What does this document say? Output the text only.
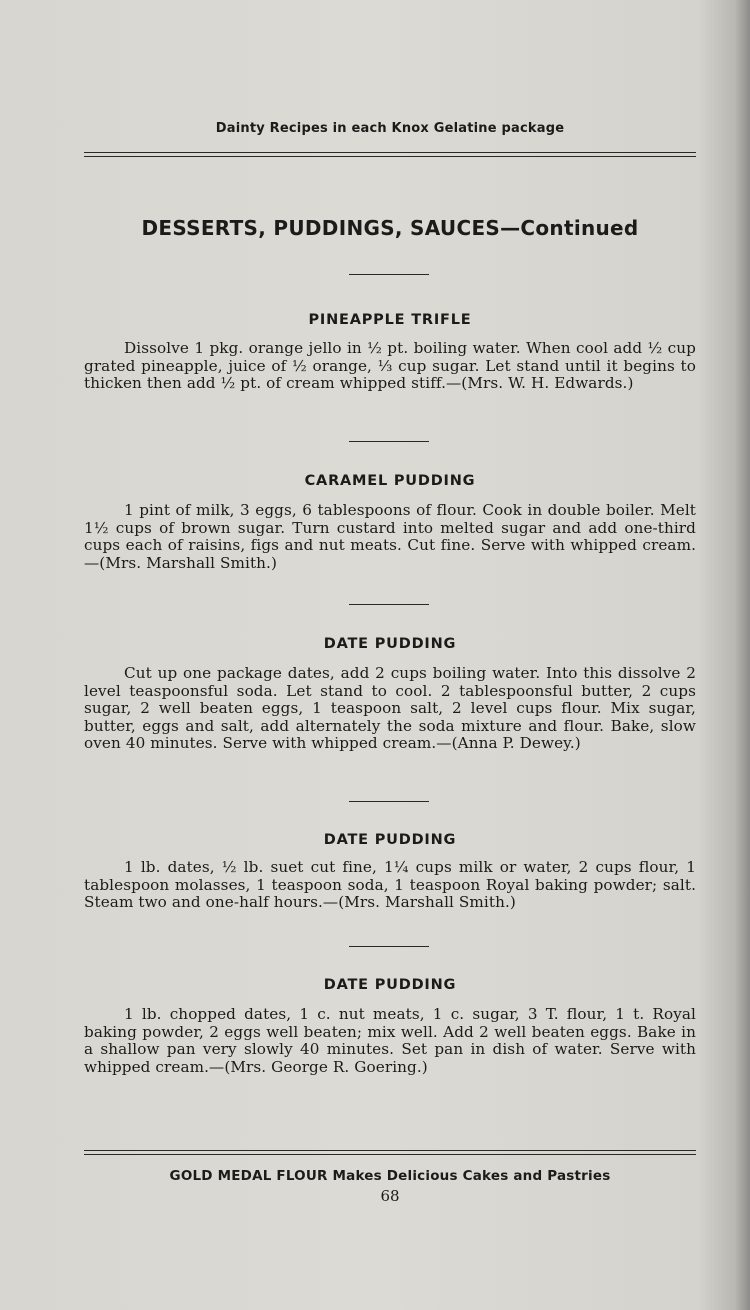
Dainty Recipes in each Knox Gelatine package
DESSERTS, PUDDINGS, SAUCES—Continued
PINEAPPLE TRIFLE
Dissolve 1 pkg. orange jello in ½ pt. boiling water. When cool add ½ cup grated pineapple, juice of ½ orange, ⅓ cup sugar. Let stand until it begins to thicken then add ½ pt. of cream whipped stiff.—(Mrs. W. H. Edwards.)
CARAMEL PUDDING
1 pint of milk, 3 eggs, 6 tablespoons of flour. Cook in double boiler. Melt 1½ cups of brown sugar. Turn custard into melted sugar and add one-third cups each of raisins, figs and nut meats. Cut fine. Serve with whipped cream.—(Mrs. Marshall Smith.)
DATE PUDDING
Cut up one package dates, add 2 cups boiling water. Into this dissolve 2 level teaspoonsful soda. Let stand to cool. 2 tablespoonsful butter, 2 cups sugar, 2 well beaten eggs, 1 teaspoon salt, 2 level cups flour. Mix sugar, butter, eggs and salt, add alternately the soda mixture and flour. Bake, slow oven 40 minutes. Serve with whipped cream.—(Anna P. Dewey.)
DATE PUDDING
1 lb. dates, ½ lb. suet cut fine, 1¼ cups milk or water, 2 cups flour, 1 tablespoon molasses, 1 teaspoon soda, 1 teaspoon Royal baking powder; salt. Steam two and one-half hours.—(Mrs. Marshall Smith.)
DATE PUDDING
1 lb. chopped dates, 1 c. nut meats, 1 c. sugar, 3 T. flour, 1 t. Royal baking powder, 2 eggs well beaten; mix well. Add 2 well beaten eggs. Bake in a shallow pan very slowly 40 minutes. Set pan in dish of water. Serve with whipped cream.—(Mrs. George R. Goering.)
GOLD MEDAL FLOUR Makes Delicious Cakes and Pastries
68
